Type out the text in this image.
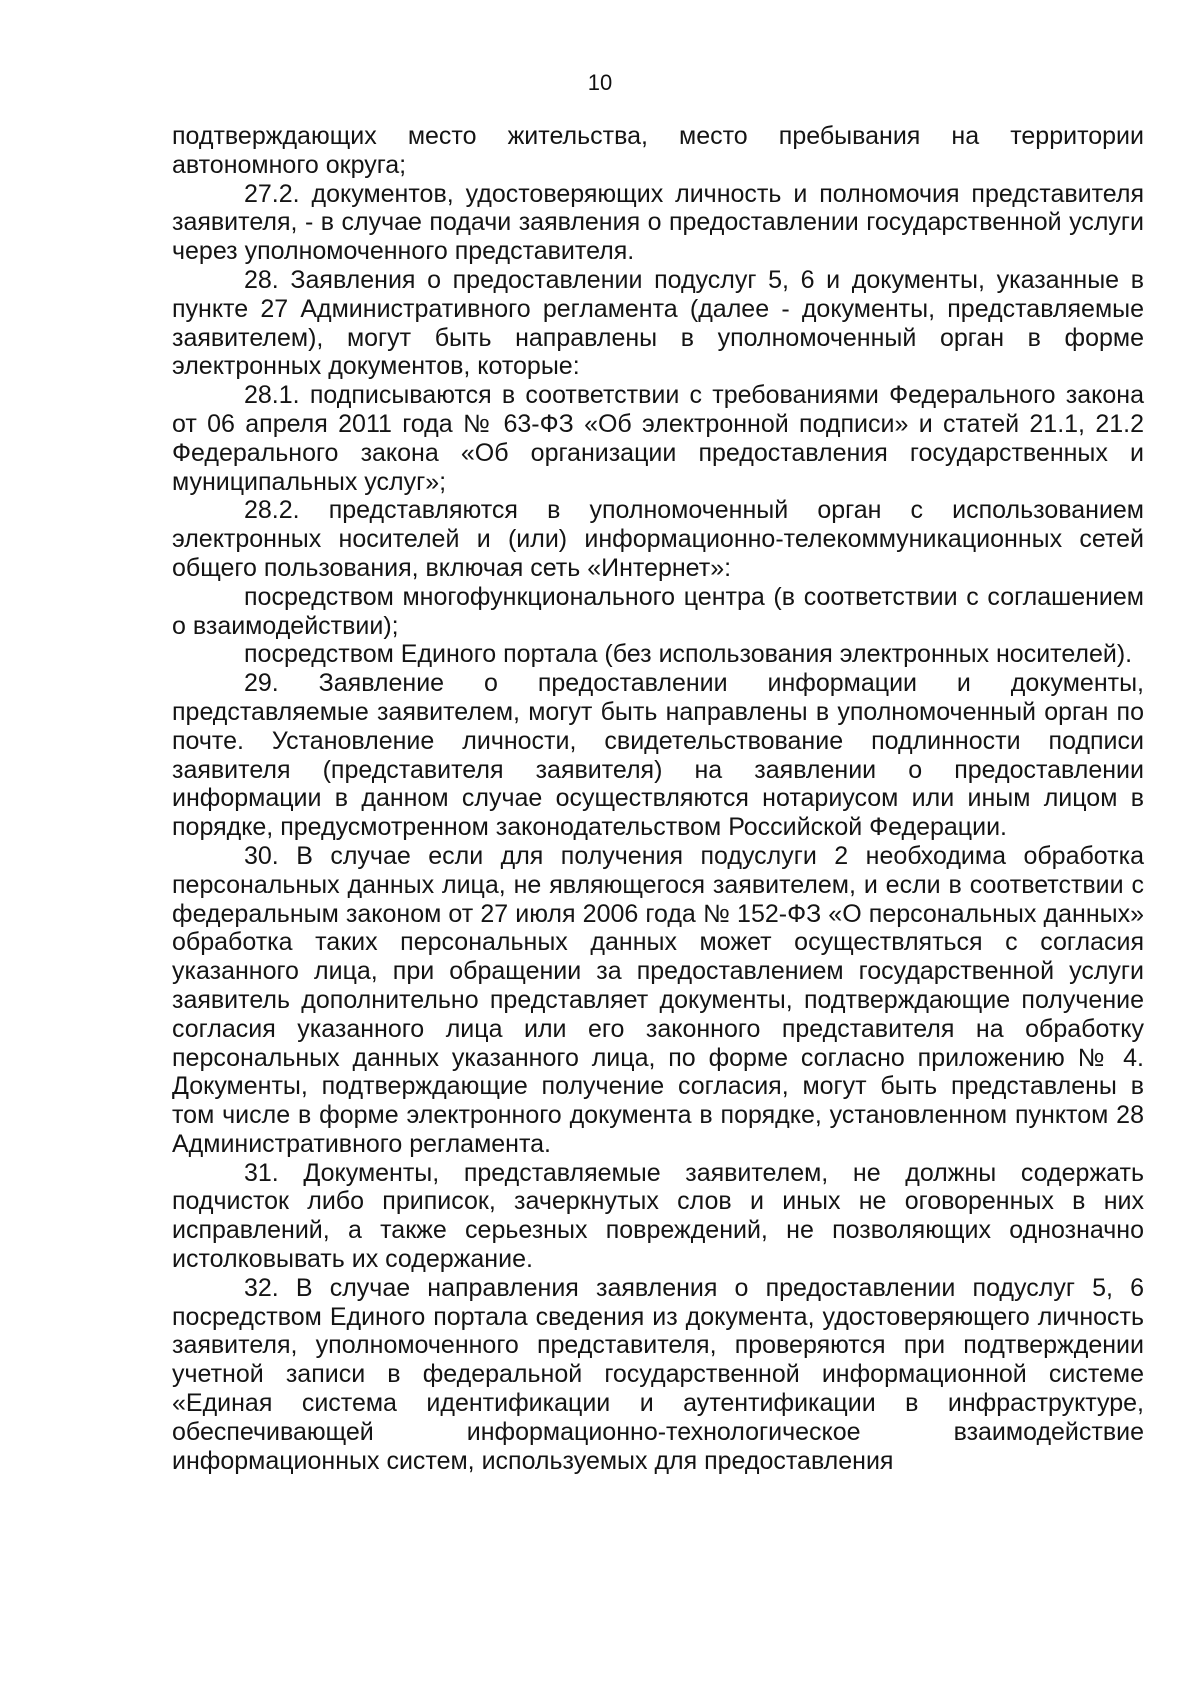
10

подтверждающих место жительства, место пребывания на территории автономного округа;

27.2. документов, удостоверяющих личность и полномочия представителя заявителя, - в случае подачи заявления о предоставлении государственной услуги через уполномоченного представителя.

28. Заявления о предоставлении подуслуг 5, 6 и документы, указанные в пункте 27 Административного регламента (далее - документы, представляемые заявителем), могут быть направлены в уполномоченный орган в форме электронных документов, которые:

28.1. подписываются в соответствии с требованиями Федерального закона от 06 апреля 2011 года № 63-ФЗ «Об электронной подписи» и статей 21.1, 21.2 Федерального закона «Об организации предоставления государственных и муниципальных услуг»;

28.2. представляются в уполномоченный орган с использованием электронных носителей и (или) информационно-телекоммуникационных сетей общего пользования, включая сеть «Интернет»:

посредством многофункционального центра (в соответствии с соглашением о взаимодействии);

посредством Единого портала (без использования электронных носителей).

29. Заявление о предоставлении информации и документы, представляемые заявителем, могут быть направлены в уполномоченный орган по почте. Установление личности, свидетельствование подлинности подписи заявителя (представителя заявителя) на заявлении о предоставлении информации в данном случае осуществляются нотариусом или иным лицом в порядке, предусмотренном законодательством Российской Федерации.

30. В случае если для получения подуслуги 2 необходима обработка персональных данных лица, не являющегося заявителем, и если в соответствии с федеральным законом от 27 июля 2006 года № 152-ФЗ «О персональных данных» обработка таких персональных данных может осуществляться с согласия указанного лица, при обращении за предоставлением государственной услуги заявитель дополнительно представляет документы, подтверждающие получение согласия указанного лица или его законного представителя на обработку персональных данных указанного лица, по форме согласно приложению № 4. Документы, подтверждающие получение согласия, могут быть представлены в том числе в форме электронного документа в порядке, установленном пунктом 28 Административного регламента.

31. Документы, представляемые заявителем, не должны содержать подчисток либо приписок, зачеркнутых слов и иных не оговоренных в них исправлений, а также серьезных повреждений, не позволяющих однозначно истолковывать их содержание.

32. В случае направления заявления о предоставлении подуслуг 5, 6 посредством Единого портала сведения из документа, удостоверяющего личность заявителя, уполномоченного представителя, проверяются при подтверждении учетной записи в федеральной государственной информационной системе «Единая система идентификации и аутентификации в инфраструктуре, обеспечивающей информационно-технологическое взаимодействие информационных систем, используемых для предоставления
